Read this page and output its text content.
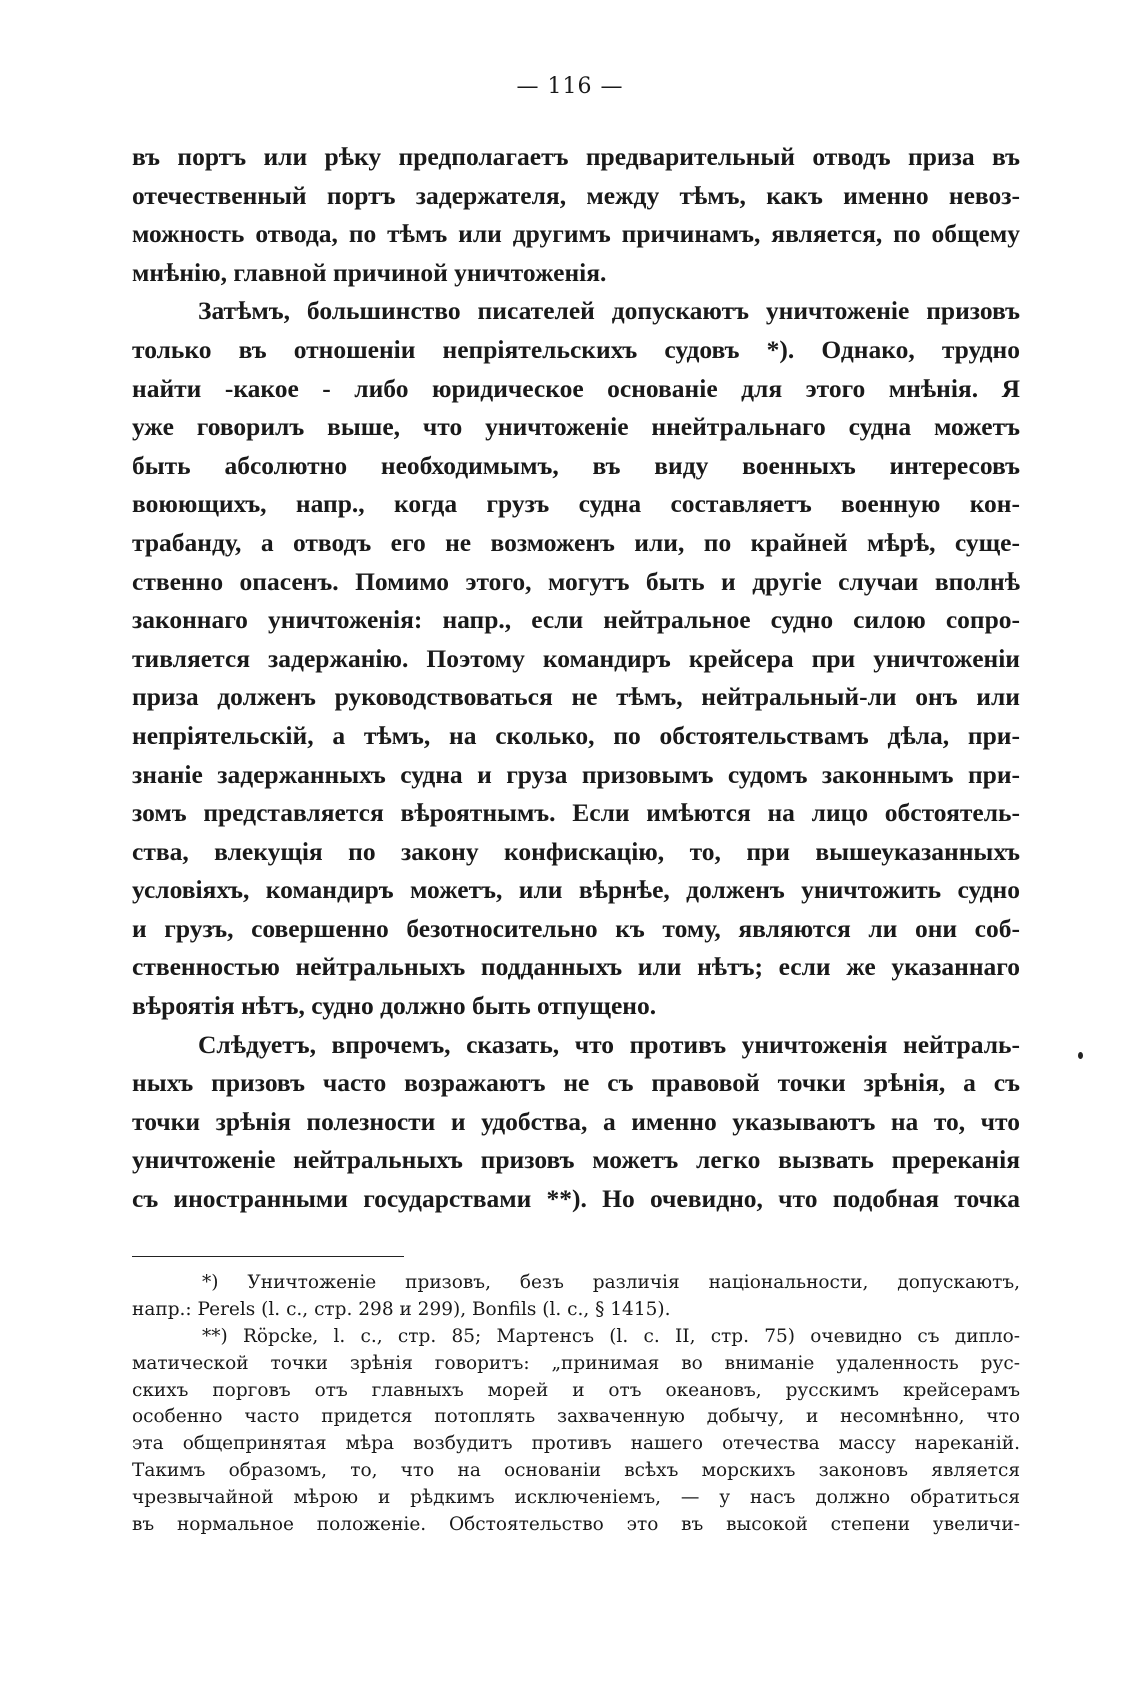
— 116 —
въ портъ или рѣку предполагаетъ предварительный отводъ приза въ
отечественный портъ задержателя, между тѣмъ, какъ именно невоз-
можность отвода, по тѣмъ или другимъ причинамъ, является, по общему
мнѣнію, главной причиной уничтоженія.
Затѣмъ, большинство писателей допускаютъ уничтоженіе призовъ
только въ отношеніи непріятельскихъ судовъ *). Однако, трудно
найти -какое - либо юридическое основаніе для этого мнѣнія. Я
уже говорилъ выше, что уничтоженіе ннейтральнаго судна можетъ
быть абсолютно необходимымъ, въ виду военныхъ интересовъ
воюющихъ, напр., когда грузъ судна составляетъ военную кон-
трабанду, а отводъ его не возможенъ или, по крайней мѣрѣ, суще-
ственно опасенъ. Помимо этого, могутъ быть и другіе случаи вполнѣ
законнаго уничтоженія: напр., если нейтральное судно силою сопро-
тивляется задержанію. Поэтому командиръ крейсера при уничтоженіи
приза долженъ руководствоваться не тѣмъ, нейтральный-ли онъ или
непріятельскій, а тѣмъ, на сколько, по обстоятельствамъ дѣла, при-
знаніе задержанныхъ судна и груза призовымъ судомъ законнымъ при-
зомъ представляется вѣроятнымъ. Если имѣются на лицо обстоятель-
ства, влекущія по закону конфискацію, то, при вышеуказанныхъ
условіяхъ, командиръ можетъ, или вѣрнѣе, долженъ уничтожить судно
и грузъ, совершенно безотносительно къ тому, являются ли они соб-
ственностью нейтральныхъ подданныхъ или нѣтъ; если же указаннаго
вѣроятія нѣтъ, судно должно быть отпущено.
Слѣдуетъ, впрочемъ, сказать, что противъ уничтоженія нейтраль-
ныхъ призовъ часто возражаютъ не съ правовой точки зрѣнія, а съ
точки зрѣнія полезности и удобства, а именно указываютъ на то, что
уничтоженіе нейтральныхъ призовъ можетъ легко вызвать пререканія
съ иностранными государствами **). Но очевидно, что подобная точка
*) Уничтоженіе призовъ, безъ различія національности, допускаютъ,
напр.: Perels (l. c., стр. 298 и 299), Bonfils (l. c., § 1415).
**) Röpcke, l. c., стр. 85; Мартенсъ (l. c. II, стр. 75) очевидно съ дипло-
матической точки зрѣнія говоритъ: „принимая во вниманіе удаленность рус-
скихъ порговъ отъ главныхъ морей и отъ океановъ, русскимъ крейсерамъ
особенно часто придется потоплять захваченную добычу, и несомнѣнно, что
эта общепринятая мѣра возбудитъ противъ нашего отечества массу нареканій.
Такимъ образомъ, то, что на основаніи всѣхъ морскихъ законовъ является
чрезвычайной мѣрою и рѣдкимъ исключеніемъ, — у насъ должно обратиться
въ нормальное положеніе. Обстоятельство это въ высокой степени увеличи-
